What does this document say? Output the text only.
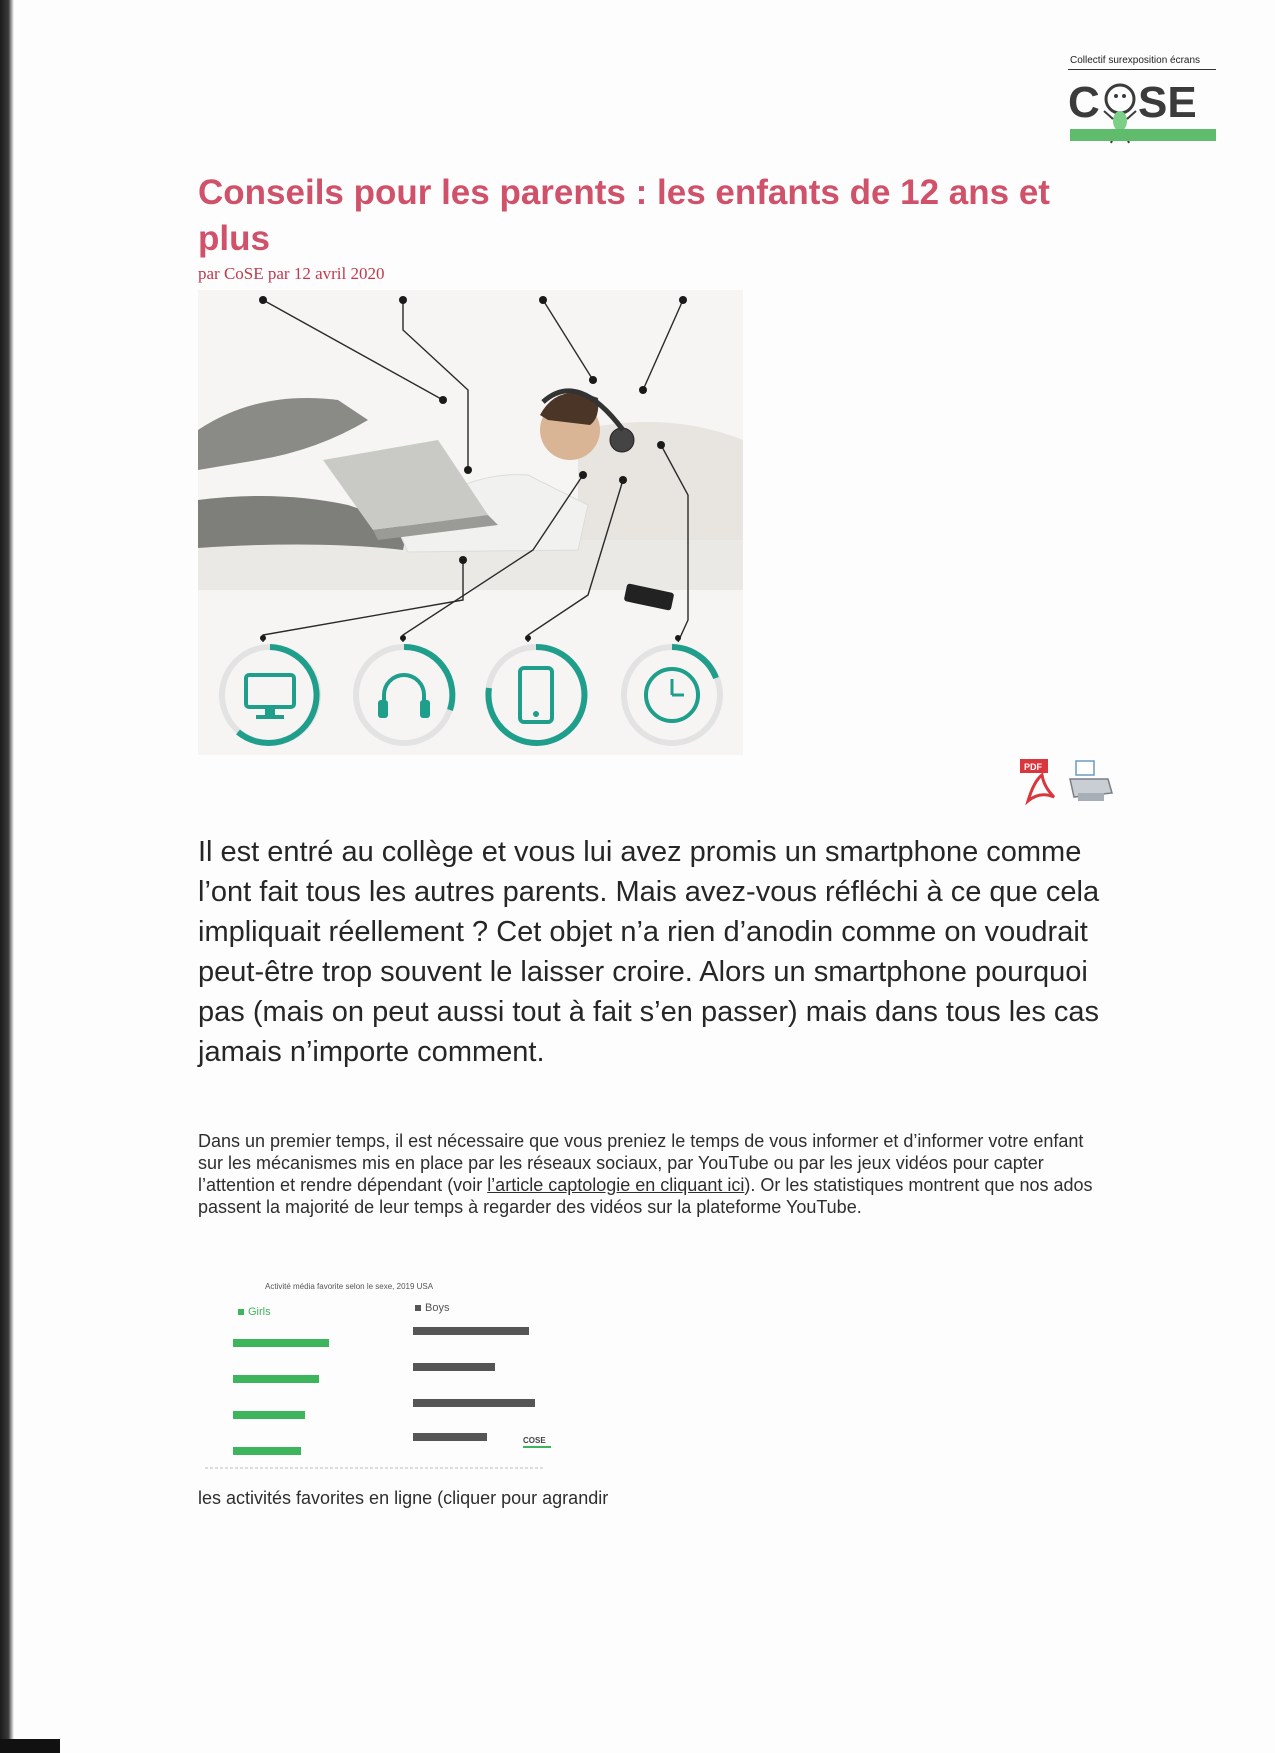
Collectif surexposition écrans
C SE
Conseils pour les parents : les enfants de 12 ans et plus
par CoSE par 12 avril 2020
PDF

Il est entré au collège et vous lui avez promis un smartphone comme l’ont fait tous les autres parents. Mais avez-vous réfléchi à ce que cela impliquait réellement ? Cet objet n’a rien d’anodin comme on voudrait peut-être trop souvent le laisser croire. Alors un smartphone pourquoi pas (mais on peut aussi tout à fait s’en passer) mais dans tous les cas jamais n’importe comment.

Dans un premier temps, il est nécessaire que vous preniez le temps de vous informer et d’informer votre enfant sur les mécanismes mis en place par les réseaux sociaux, par YouTube ou par les jeux vidéos pour capter l’attention et rendre dépendant (voir l’article captologie en cliquant ici). Or les statistiques montrent que nos ados passent la majorité de leur temps à regarder des vidéos sur la plateforme YouTube.

Activité média favorite selon le sexe, 2019 USA
Girls	Boys
COSE
les activités favorites en ligne (cliquer pour agrandir
